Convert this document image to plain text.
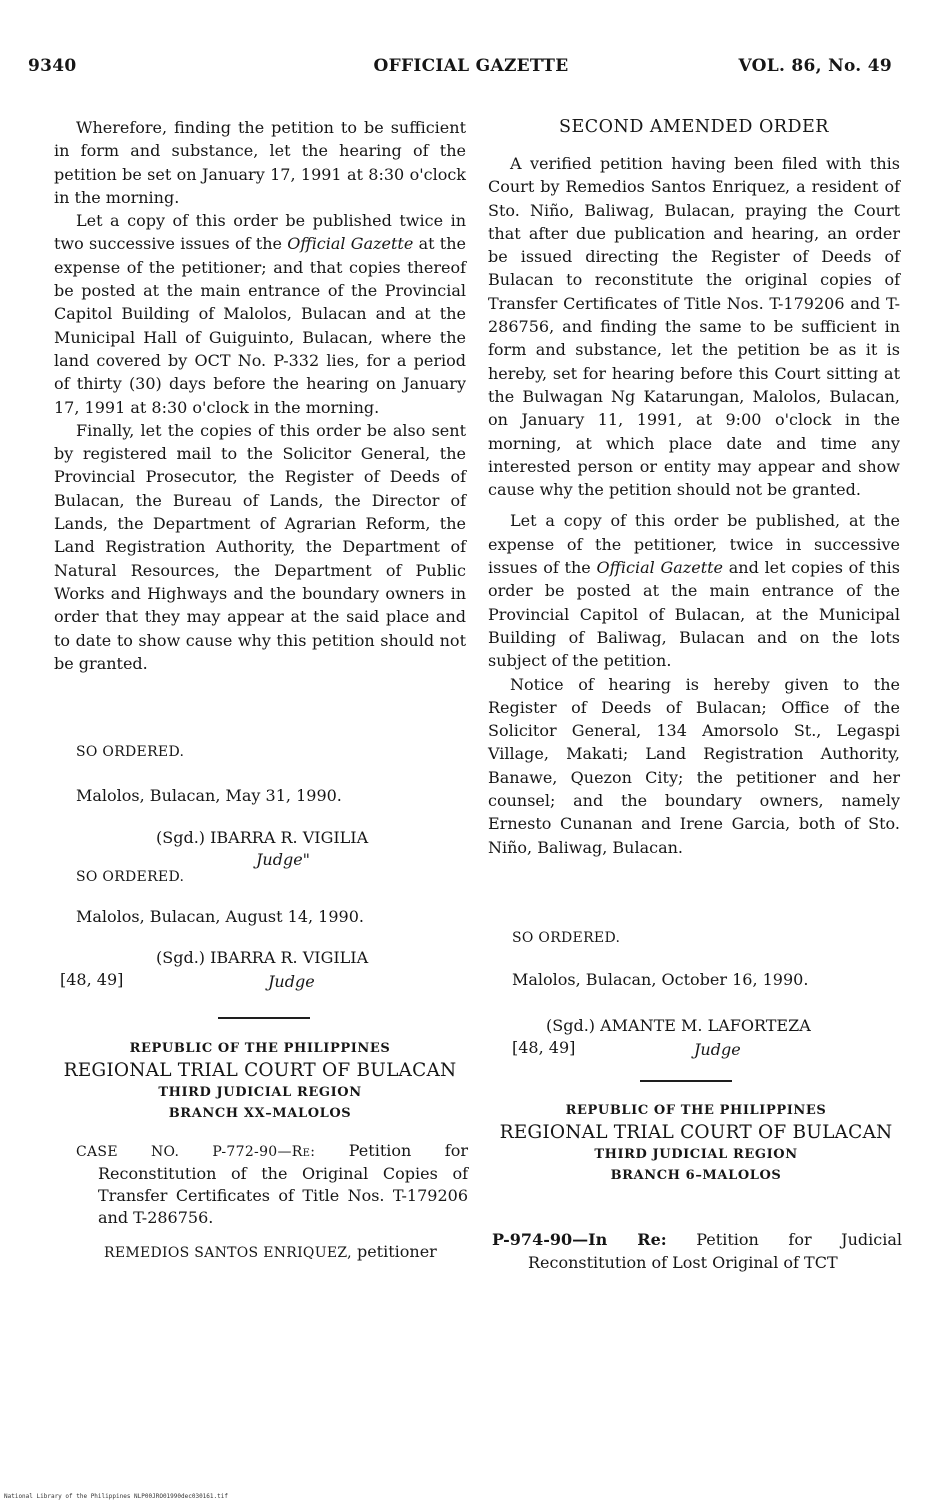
9340	OFFICIAL GAZETTE	VOL. 86, No. 49

Wherefore, finding the petition to be sufficient in form and substance, let the hearing of the petition be set on January 17, 1991 at 8:30 o'clock in the morning.

Let a copy of this order be published twice in two successive issues of the Official Gazette at the expense of the petitioner; and that copies thereof be posted at the main entrance of the Provincial Capitol Building of Malolos, Bulacan and at the Municipal Hall of Guiguinto, Bulacan, where the land covered by OCT No. P-332 lies, for a period of thirty (30) days before the hearing on January 17, 1991 at 8:30 o'clock in the morning.

Finally, let the copies of this order be also sent by registered mail to the Solicitor General, the Provincial Prosecutor, the Register of Deeds of Bulacan, the Bureau of Lands, the Director of Lands, the Department of Agrarian Reform, the Land Registration Authority, the Department of Natural Resources, the Department of Public Works and Highways and the boundary owners in order that they may appear at the said place and to date to show cause why this petition should not be granted.

SO ORDERED.
Malolos, Bulacan, May 31, 1990.
(Sgd.) IBARRA R. VIGILIA
Judge"
SO ORDERED.
Malolos, Bulacan, August 14, 1990.
(Sgd.) IBARRA R. VIGILIA
[48, 49]	Judge
REPUBLIC OF THE PHILIPPINES
REGIONAL TRIAL COURT OF BULACAN
THIRD JUDICIAL REGION
BRANCH XX–MALOLOS
CASE NO. P-772-90—Re: Petition for Reconstitution of the Original Copies of Transfer Certificates of Title Nos. T-179206 and T-286756.
REMEDIOS SANTOS ENRIQUEZ, petitioner
SECOND AMENDED ORDER

A verified petition having been filed with this Court by Remedios Santos Enriquez, a resident of Sto. Niño, Baliwag, Bulacan, praying the Court that after due publication and hearing, an order be issued directing the Register of Deeds of Bulacan to reconstitute the original copies of Transfer Certificates of Title Nos. T-179206 and T-286756, and finding the same to be sufficient in form and substance, let the petition be as it is hereby, set for hearing before this Court sitting at the Bulwagan Ng Katarungan, Malolos, Bulacan, on January 11, 1991, at 9:00 o'clock in the morning, at which place date and time any interested person or entity may appear and show cause why the petition should not be granted.

Let a copy of this order be published, at the expense of the petitioner, twice in successive issues of the Official Gazette and let copies of this order be posted at the main entrance of the Provincial Capitol of Bulacan, at the Municipal Building of Baliwag, Bulacan and on the lots subject of the petition.

Notice of hearing is hereby given to the Register of Deeds of Bulacan; Office of the Solicitor General, 134 Amorsolo St., Legaspi Village, Makati; Land Registration Authority, Banawe, Quezon City; the petitioner and her counsel; and the boundary owners, namely Ernesto Cunanan and Irene Garcia, both of Sto. Niño, Baliwag, Bulacan.

SO ORDERED.
Malolos, Bulacan, October 16, 1990.
(Sgd.) AMANTE M. LAFORTEZA
[48, 49]	Judge
REPUBLIC OF THE PHILIPPINES
REGIONAL TRIAL COURT OF BULACAN
THIRD JUDICIAL REGION
BRANCH 6–MALOLOS
P-974-90—In Re: Petition for Judicial Reconstitution of Lost Original of TCT
National Library of the Philippines NLP00JRO01990dec030161.tif
